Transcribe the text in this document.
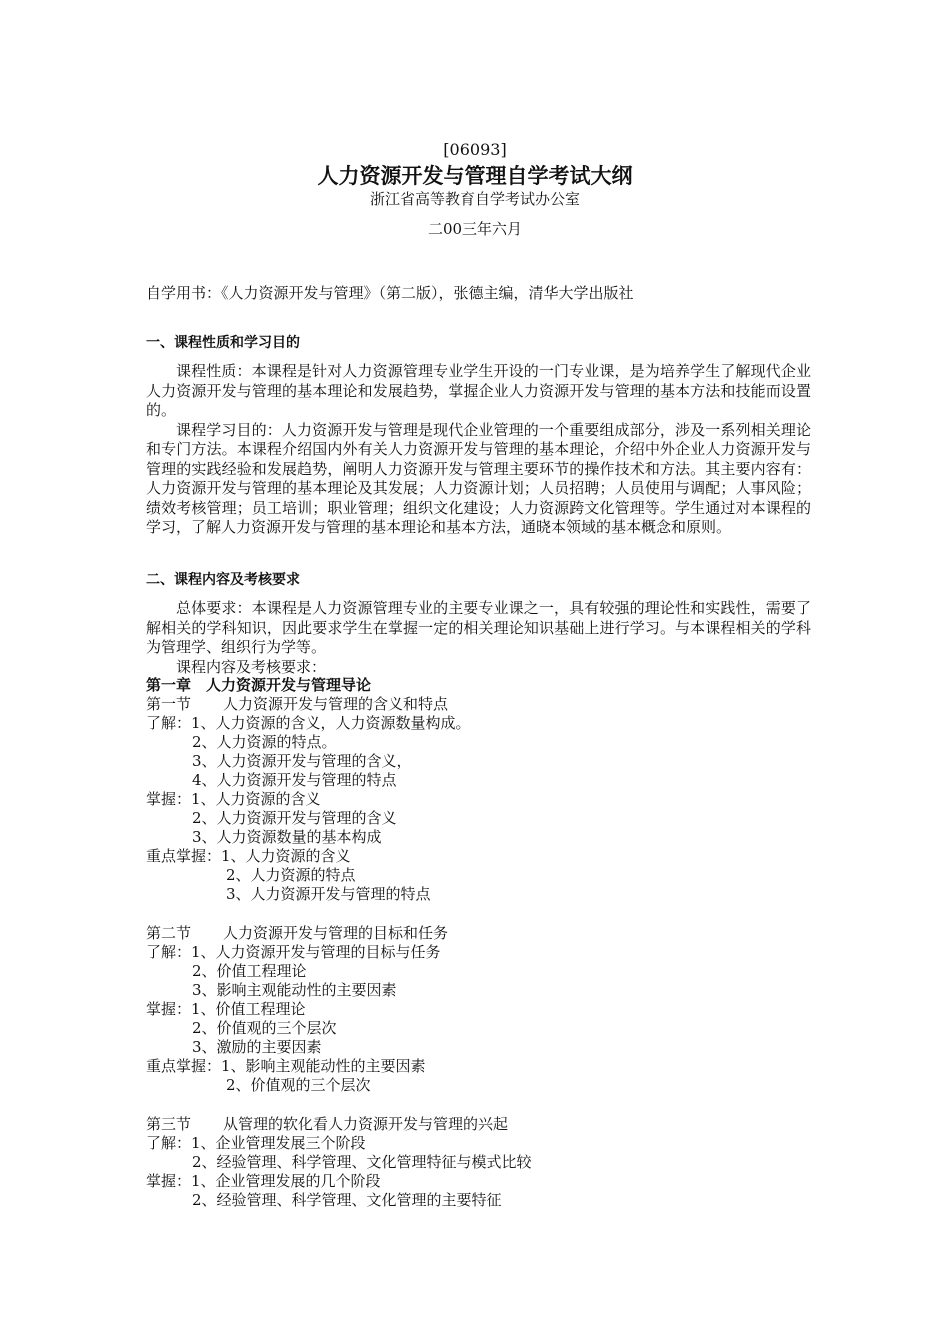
[06093]
人力资源开发与管理自学考试大纲
浙江省高等教育自学考试办公室
二00三年六月
自学用书：《人力资源开发与管理》（第二版），张德主编，清华大学出版社
一、课程性质和学习目的

课程性质：本课程是针对人力资源管理专业学生开设的一门专业课，是为培养学生了解现代企业人力资源开发与管理的基本理论和发展趋势，掌握企业人力资源开发与管理的基本方法和技能而设置的。

课程学习目的：人力资源开发与管理是现代企业管理的一个重要组成部分，涉及一系列相关理论和专门方法。本课程介绍国内外有关人力资源开发与管理的基本理论，介绍中外企业人力资源开发与管理的实践经验和发展趋势，阐明人力资源开发与管理主要环节的操作技术和方法。其主要内容有：人力资源开发与管理的基本理论及其发展；人力资源计划；人员招聘；人员使用与调配；人事风险；绩效考核管理；员工培训；职业管理；组织文化建设；人力资源跨文化管理等。学生通过对本课程的学习，了解人力资源开发与管理的基本理论和基本方法，通晓本领域的基本概念和原则。

二、课程内容及考核要求

总体要求：本课程是人力资源管理专业的主要专业课之一，具有较强的理论性和实践性，需要了解相关的学科知识，因此要求学生在掌握一定的相关理论知识基础上进行学习。与本课程相关的学科为管理学、组织行为学等。

课程内容及考核要求：

第一章　人力资源开发与管理导论
第一节 人力资源开发与管理的含义和特点
了解：1、人力资源的含义，人力资源数量构成。
2、人力资源的特点。
3、人力资源开发与管理的含义，
4、人力资源开发与管理的特点
掌握：1、人力资源的含义
2、人力资源开发与管理的含义
3、人力资源数量的基本构成
重点掌握：1、人力资源的含义
2、人力资源的特点
3、人力资源开发与管理的特点
第二节 人力资源开发与管理的目标和任务
了解：1、人力资源开发与管理的目标与任务
2、价值工程理论
3、影响主观能动性的主要因素
掌握：1、价值工程理论
2、价值观的三个层次
3、激励的主要因素
重点掌握：1、影响主观能动性的主要因素
2、价值观的三个层次
第三节 从管理的软化看人力资源开发与管理的兴起
了解：1、企业管理发展三个阶段
2、经验管理、科学管理、文化管理特征与模式比较
掌握：1、企业管理发展的几个阶段
2、经验管理、科学管理、文化管理的主要特征
